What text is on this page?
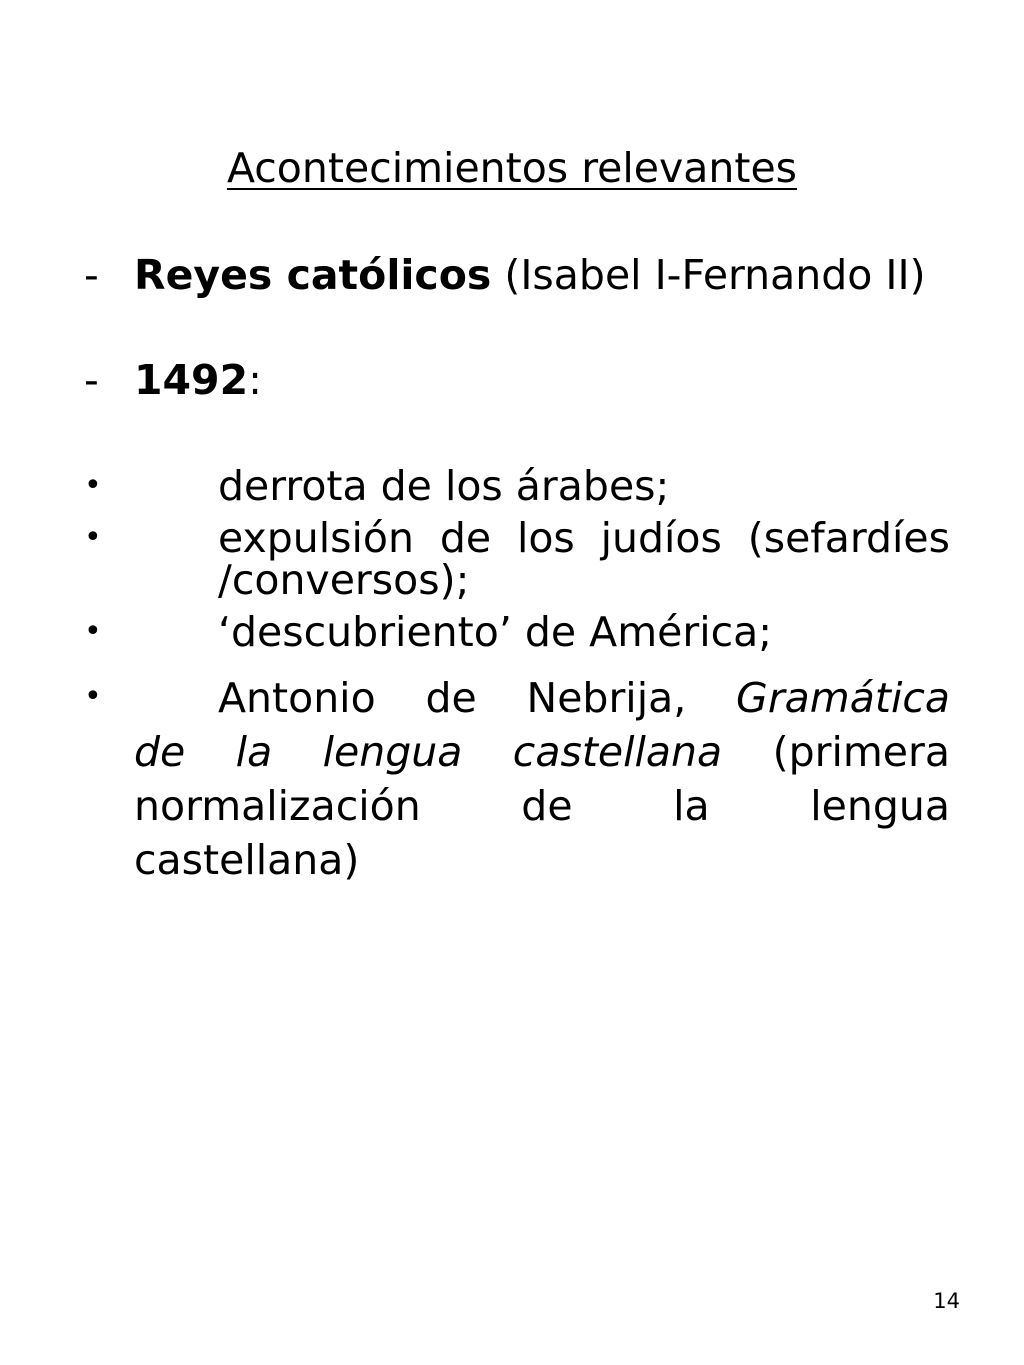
Acontecimientos relevantes
- Reyes católicos (Isabel I-Fernando II)
- 1492:
•	derrota de los árabes;
•	expulsión de los judíos (sefardíes
/conversos);
•	‘descubriento’ de América;
•	Antonio de Nebrija, Gramática
de la lengua castellana (primera
normalización de la lengua
castellana)
14
